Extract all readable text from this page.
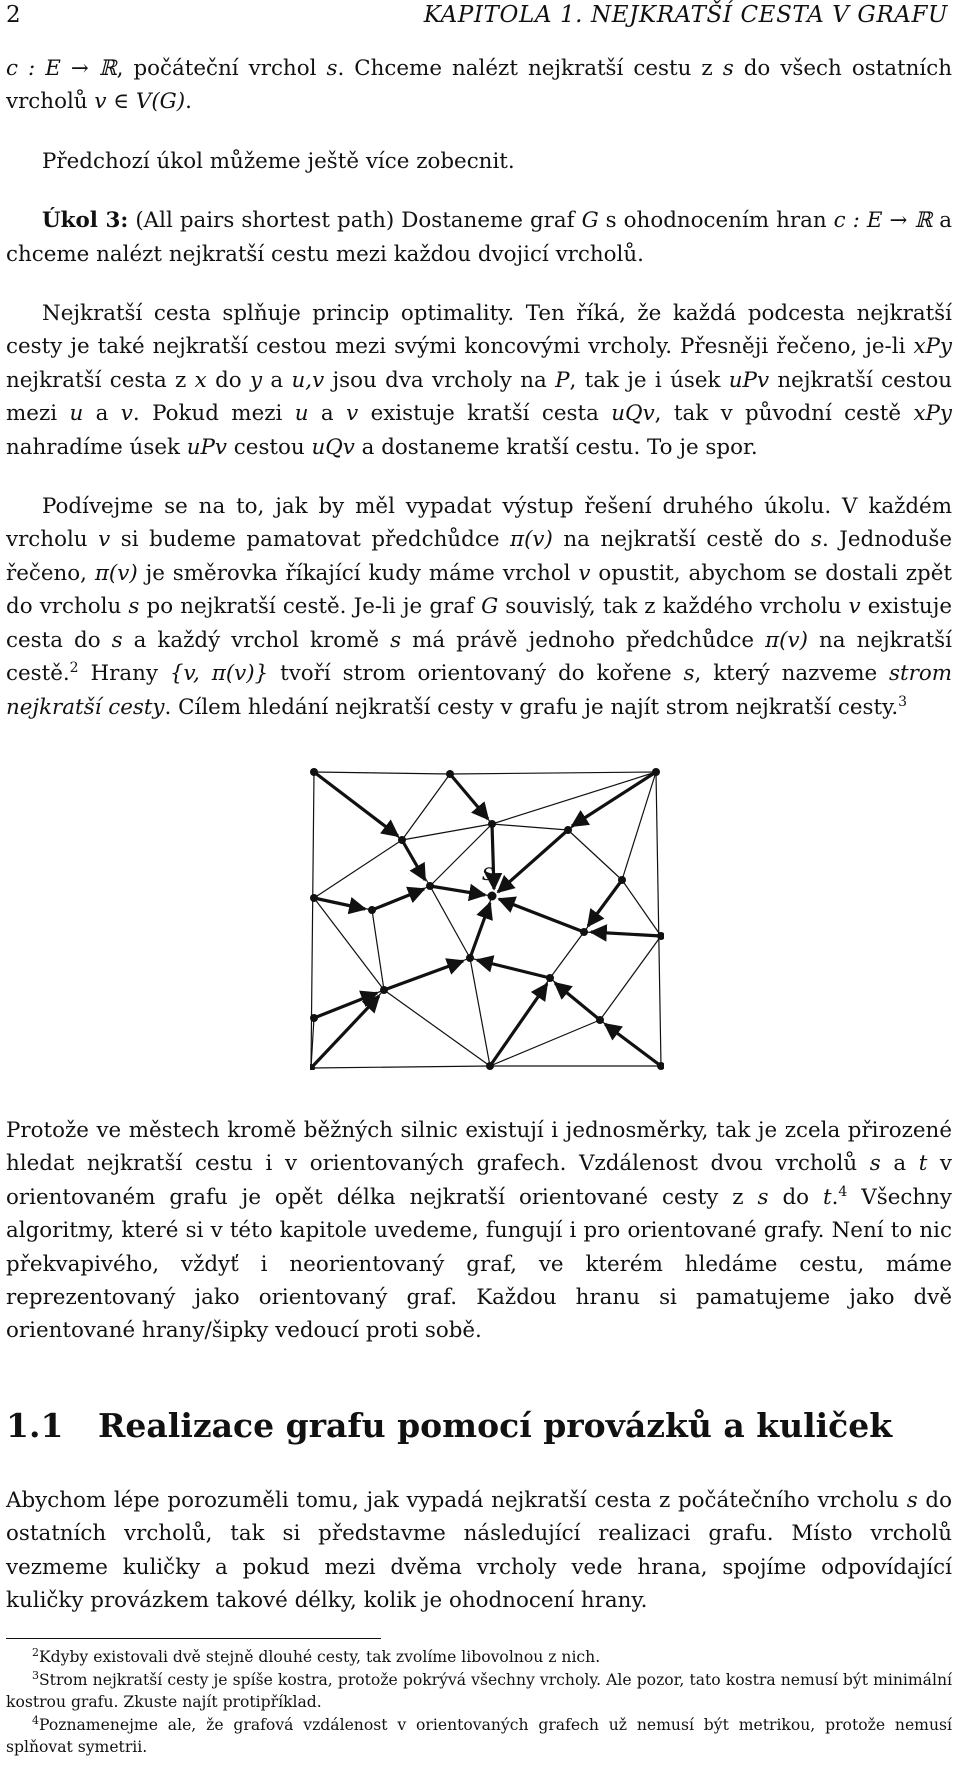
2	KAPITOLA 1. NEJKRATŠÍ CESTA V GRAFU

c : E → ℝ, počáteční vrchol s. Chceme nalézt nejkratší cestu z s do všech ostatních vrcholů v ∈ V(G).

Předchozí úkol můžeme ještě více zobecnit.

Úkol 3: (All pairs shortest path) Dostaneme graf G s ohodnocením hran c : E → ℝ a chceme nalézt nejkratší cestu mezi každou dvojicí vrcholů.

Nejkratší cesta splňuje princip optimality. Ten říká, že každá podcesta nejkratší cesty je také nejkratší cestou mezi svými koncovými vrcholy. Přesněji řečeno, je-li xPy nejkratší cesta z x do y a u,v jsou dva vrcholy na P, tak je i úsek uPv nejkratší cestou mezi u a v. Pokud mezi u a v existuje kratší cesta uQv, tak v původní cestě xPy nahradíme úsek uPv cestou uQv a dostaneme kratší cestu. To je spor.

Podívejme se na to, jak by měl vypadat výstup řešení druhého úkolu. V každém vrcholu v si budeme pamatovat předchůdce π(v) na nejkratší cestě do s. Jednoduše řečeno, π(v) je směrovka říkající kudy máme vrchol v opustit, abychom se dostali zpět do vrcholu s po nejkratší cestě. Je-li je graf G souvislý, tak z každého vrcholu v existuje cesta do s a každý vrchol kromě s má právě jednoho předchůdce π(v) na nejkratší cestě.$^2$ Hrany {v, π(v)} tvoří strom orientovaný do kořene s, který nazveme strom nejkratší cesty. Cílem hledání nejkratší cesty v grafu je najít strom nejkratší cesty.$^3$

s

Protože ve městech kromě běžných silnic existují i jednosměrky, tak je zcela přirozené hledat nejkratší cestu i v orientovaných grafech. Vzdálenost dvou vrcholů s a t v orientovaném grafu je opět délka nejkratší orientované cesty z s do t.$^4$ Všechny algoritmy, které si v této kapitole uvedeme, fungují i pro orientované grafy. Není to nic překvapivého, vždyť i neorientovaný graf, ve kterém hledáme cestu, máme reprezentovaný jako orientovaný graf. Každou hranu si pamatujeme jako dvě orientované hrany/šipky vedoucí proti sobě.

1.1 Realizace grafu pomocí provázků a kuliček

Abychom lépe porozuměli tomu, jak vypadá nejkratší cesta z počátečního vrcholu s do ostatních vrcholů, tak si představme následující realizaci grafu. Místo vrcholů vezmeme kuličky a pokud mezi dvěma vrcholy vede hrana, spojíme odpovídající kuličky provázkem takové délky, kolik je ohodnocení hrany.

$^2$Kdyby existovali dvě stejně dlouhé cesty, tak zvolíme libovolnou z nich.

$^3$Strom nejkratší cesty je spíše kostra, protože pokrývá všechny vrcholy. Ale pozor, tato kostra nemusí být minimální kostrou grafu. Zkuste najít protipříklad.

$^4$Poznamenejme ale, že grafová vzdálenost v orientovaných grafech už nemusí být metrikou, protože nemusí splňovat symetrii.
